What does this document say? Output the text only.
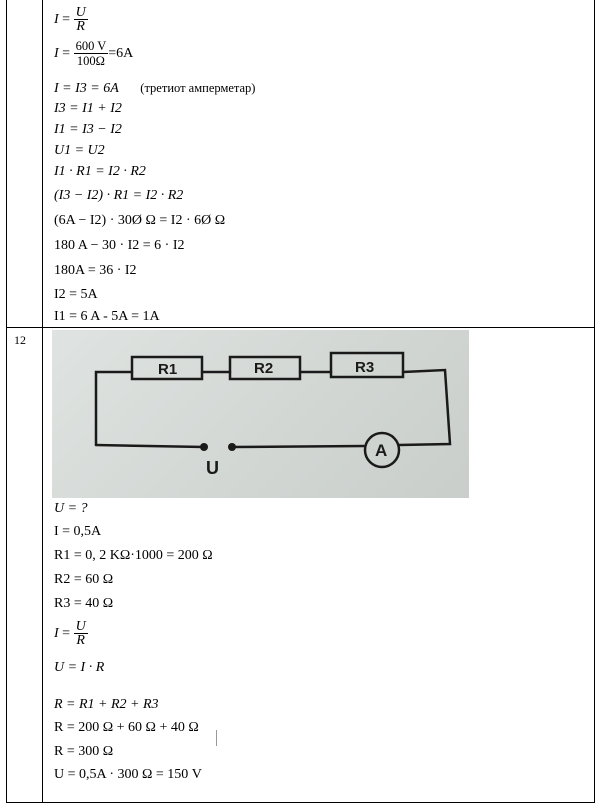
$I = \frac{U}{R}$
$I = \frac{600 V}{100\Omega} =6A$
I = I3 = 6A (третиот амперметар)
I3 = I1 + I2
I1 = I3 − I2
U1 = U2
I1 · R1 = I2 · R2
(I3 − I2) · R1 = I2 · R2
(6A − I2) · 30Ø Ω = I2 · 6Ø Ω
180 A − 30 · I2 = 6 · I2
180A = 36 · I2
I2 = 5A
I1 = 6 A - 5A = 1A
12
R1	R2	R3
A
U
U = ?
I = 0,5A
R1 = 0, 2 KΩ·1000 = 200 Ω
R2 = 60 Ω
R3 = 40 Ω
$I = \frac{U}{R}$
U = I · R
R = R1 + R2 + R3
R = 200 Ω + 60 Ω + 40 Ω
R = 300 Ω
U = 0,5A · 300 Ω = 150 V
